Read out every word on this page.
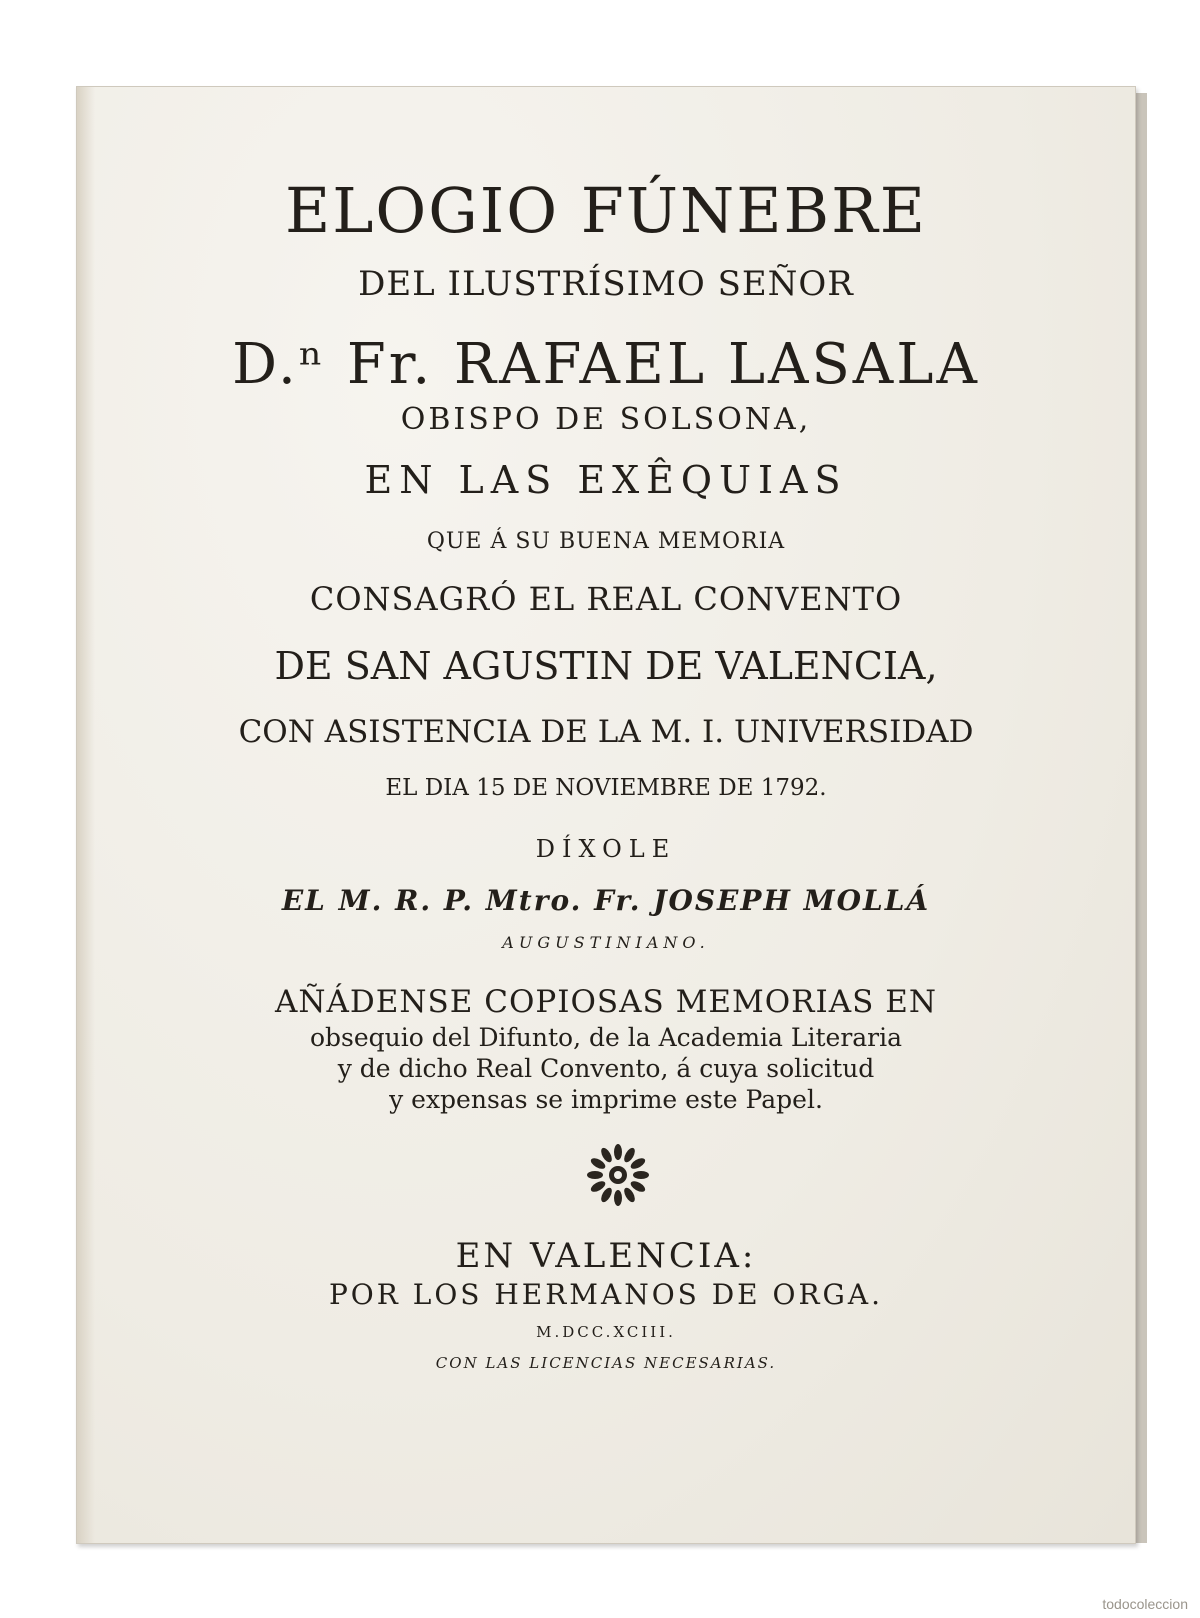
ELOGIO FÚNEBRE
DEL ILUSTRÍSIMO SEÑOR
D.ⁿ Fr. RAFAEL LASALA
OBISPO DE SOLSONA,
EN LAS EXÊQUIAS
QUE Á SU BUENA MEMORIA
CONSAGRÓ EL REAL CONVENTO
DE SAN AGUSTIN DE VALENCIA,
CON ASISTENCIA DE LA M. I. UNIVERSIDAD
EL DIA 15 DE NOVIEMBRE DE 1792.
DÍXOLE
EL M. R. P. Mtro. Fr. JOSEPH MOLLÁ
AUGUSTINIANO.
AÑÁDENSE COPIOSAS MEMORIAS EN
obsequio del Difunto, de la Academia Literaria
y de dicho Real Convento, á cuya solicitud
y expensas se imprime este Papel.
EN VALENCIA:
POR LOS HERMANOS DE ORGA.
M.DCC.XCIII.
CON LAS LICENCIAS NECESARIAS.
todocoleccion
